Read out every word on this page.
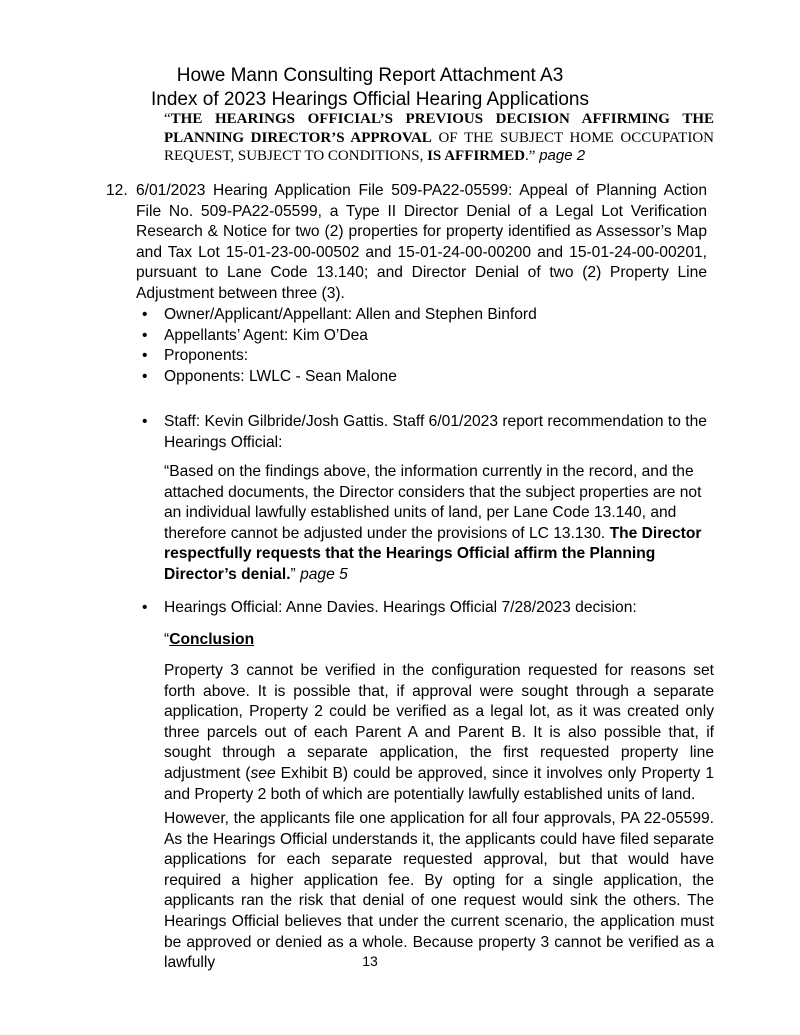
Howe Mann Consulting Report Attachment A3
Index of 2023 Hearings Official Hearing Applications
“THE HEARINGS OFFICIAL’S PREVIOUS DECISION AFFIRMING THE PLANNING DIRECTOR’S APPROVAL OF THE SUBJECT HOME OCCUPATION REQUEST, SUBJECT TO CONDITIONS, IS AFFIRMED.” page 2
12. 6/01/2023 Hearing Application File 509-PA22-05599: Appeal of Planning Action File No. 509-PA22-05599, a Type II Director Denial of a Legal Lot Verification Research & Notice for two (2) properties for property identified as Assessor’s Map and Tax Lot 15-01-23-00-00502 and 15-01-24-00-00200 and 15-01-24-00-00201, pursuant to Lane Code 13.140; and Director Denial of two (2) Property Line Adjustment between three (3).
• Owner/Applicant/Appellant: Allen and Stephen Binford
• Appellants’ Agent: Kim O’Dea
• Proponents:
• Opponents: LWLC - Sean Malone
• Staff: Kevin Gilbride/Josh Gattis. Staff 6/01/2023 report recommendation to the Hearings Official:
“Based on the findings above, the information currently in the record, and the attached documents, the Director considers that the subject properties are not an individual lawfully established units of land, per Lane Code 13.140, and therefore cannot be adjusted under the provisions of LC 13.130. The Director respectfully requests that the Hearings Official affirm the Planning Director’s denial.” page 5
• Hearings Official: Anne Davies. Hearings Official 7/28/2023 decision:
“Conclusion
Property 3 cannot be verified in the configuration requested for reasons set forth above. It is possible that, if approval were sought through a separate application, Property 2 could be verified as a legal lot, as it was created only three parcels out of each Parent A and Parent B. It is also possible that, if sought through a separate application, the first requested property line adjustment (see Exhibit B) could be approved, since it involves only Property 1 and Property 2 both of which are potentially lawfully established units of land.
However, the applicants file one application for all four approvals, PA 22-05599. As the Hearings Official understands it, the applicants could have filed separate applications for each separate requested approval, but that would have required a higher application fee. By opting for a single application, the applicants ran the risk that denial of one request would sink the others. The Hearings Official believes that under the current scenario, the application must be approved or denied as a whole. Because property 3 cannot be verified as a lawfully	13
